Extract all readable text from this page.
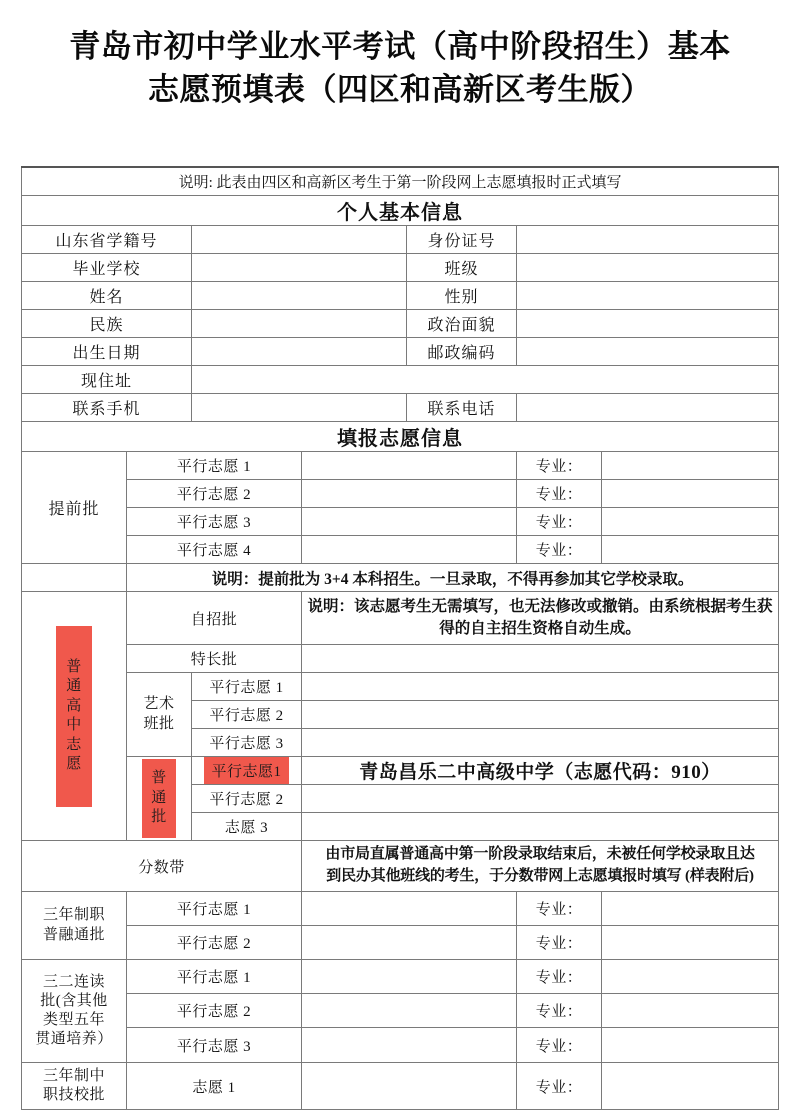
青岛市初中学业水平考试（高中阶段招生）基本
志愿预填表（四区和高新区考生版）
说明: 此表由四区和高新区考生于第一阶段网上志愿填报时正式填写						
个人基本信息						
山东省学籍号				身份证号		
毕业学校				班级		
姓名				性别		
民族				政治面貌		
出生日期				邮政编码		
现住址						
联系手机				联系电话		
填报志愿信息						
提前批	平行志愿 1				专业：	
	平行志愿 2				专业：	
	平行志愿 3				专业：	
	平行志愿 4				专业：	
	说明：提前批为 3+4 本科招生。一旦录取，不得再参加其它学校录取。					

普
通
高
中
志
愿
	自招批	说明：该志愿考生无需填写，也无法修改或撤销。由系统根据考生获得的自主招生资格自动生成。
	特长批					

	艺术
班批	平行志愿 1				
		平行志愿 2				
		平行志愿 3				

	普
通
批	平行志愿1	青岛昌乐二中高级中学（志愿代码：910）			
		平行志愿 2				
		志愿 3				
分数带			由市局直属普通高中第一阶段录取结束后，未被任何学校录取且达
到民办其他班线的考生，于分数带网上志愿填报时填写 (样表附后)			

三年制职
普融通批	平行志愿 1				专业：	
	平行志愿 2				专业：	

三二连读
批(含其他
类型五年
贯通培养）	平行志愿 1				专业：	
	平行志愿 2				专业：	
	平行志愿 3				专业：	

三年制中
职技校批	志愿 1				专业：	
